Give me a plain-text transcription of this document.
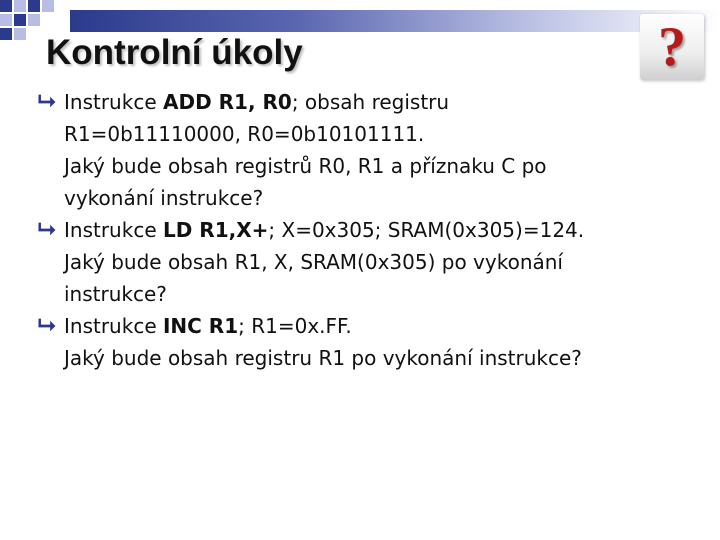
Kontrolní úkoly	?
⮡ Instrukce ADD R1, R0; obsah registru
R1=0b11110000, R0=0b10101111.
Jaký bude obsah registrů R0, R1 a příznaku C po
vykonání instrukce?
⮡ Instrukce LD R1,X+; X=0x305; SRAM(0x305)=124.
Jaký bude obsah R1, X, SRAM(0x305) po vykonání
instrukce?
⮡ Instrukce INC R1; R1=0x.FF.
Jaký bude obsah registru R1 po vykonání instrukce?
